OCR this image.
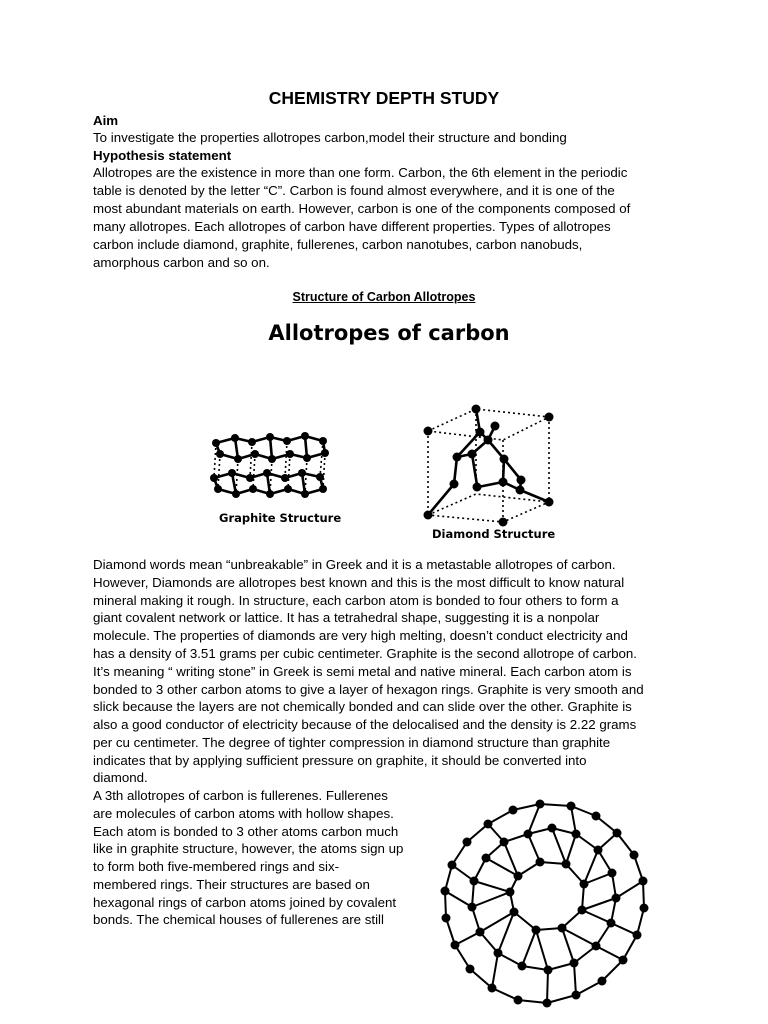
CHEMISTRY DEPTH STUDY

Aim

To investigate the properties allotropes carbon,model their structure and bonding

Hypothesis statement

Allotropes are the existence in more than one form. Carbon, the 6th element in the periodic

table is denoted by the letter “C”. Carbon is found almost everywhere, and it is one of the

most abundant materials on earth. However, carbon is one of the components composed of

many allotropes. Each allotropes of carbon have different properties. Types of allotropes

carbon include diamond, graphite, fullerenes, carbon nanotubes, carbon nanobuds,

amorphous carbon and so on.

Structure of Carbon Allotropes
Allotropes of carbon

Graphite Structure

Diamond Structure

Diamond words mean “unbreakable” in Greek and it is a metastable allotropes of carbon.

However, Diamonds are allotropes best known and this is the most difficult to know natural

mineral making it rough. In structure, each carbon atom is bonded to four others to form a

giant covalent network or lattice. It has a tetrahedral shape, suggesting it is a nonpolar

molecule. The properties of diamonds are very high melting, doesn’t conduct electricity and

has a density of 3.51 grams per cubic centimeter. Graphite is the second allotrope of carbon.

It’s meaning “ writing stone” in Greek is semi metal and native mineral. Each carbon atom is

bonded to 3 other carbon atoms to give a layer of hexagon rings. Graphite is very smooth and

slick because the layers are not chemically bonded and can slide over the other. Graphite is

also a good conductor of electricity because of the delocalised and the density is 2.22 grams

per cu centimeter. The degree of tighter compression in diamond structure than graphite

indicates that by applying sufficient pressure on graphite, it should be converted into

diamond.

A 3th allotropes of carbon is fullerenes. Fullerenes

are molecules of carbon atoms with hollow shapes.

Each atom is bonded to 3 other atoms carbon much

like in graphite structure, however, the atoms sign up

to form both five-membered rings and six-

membered rings. Their structures are based on

hexagonal rings of carbon atoms joined by covalent

bonds. The chemical houses of fullerenes are still
